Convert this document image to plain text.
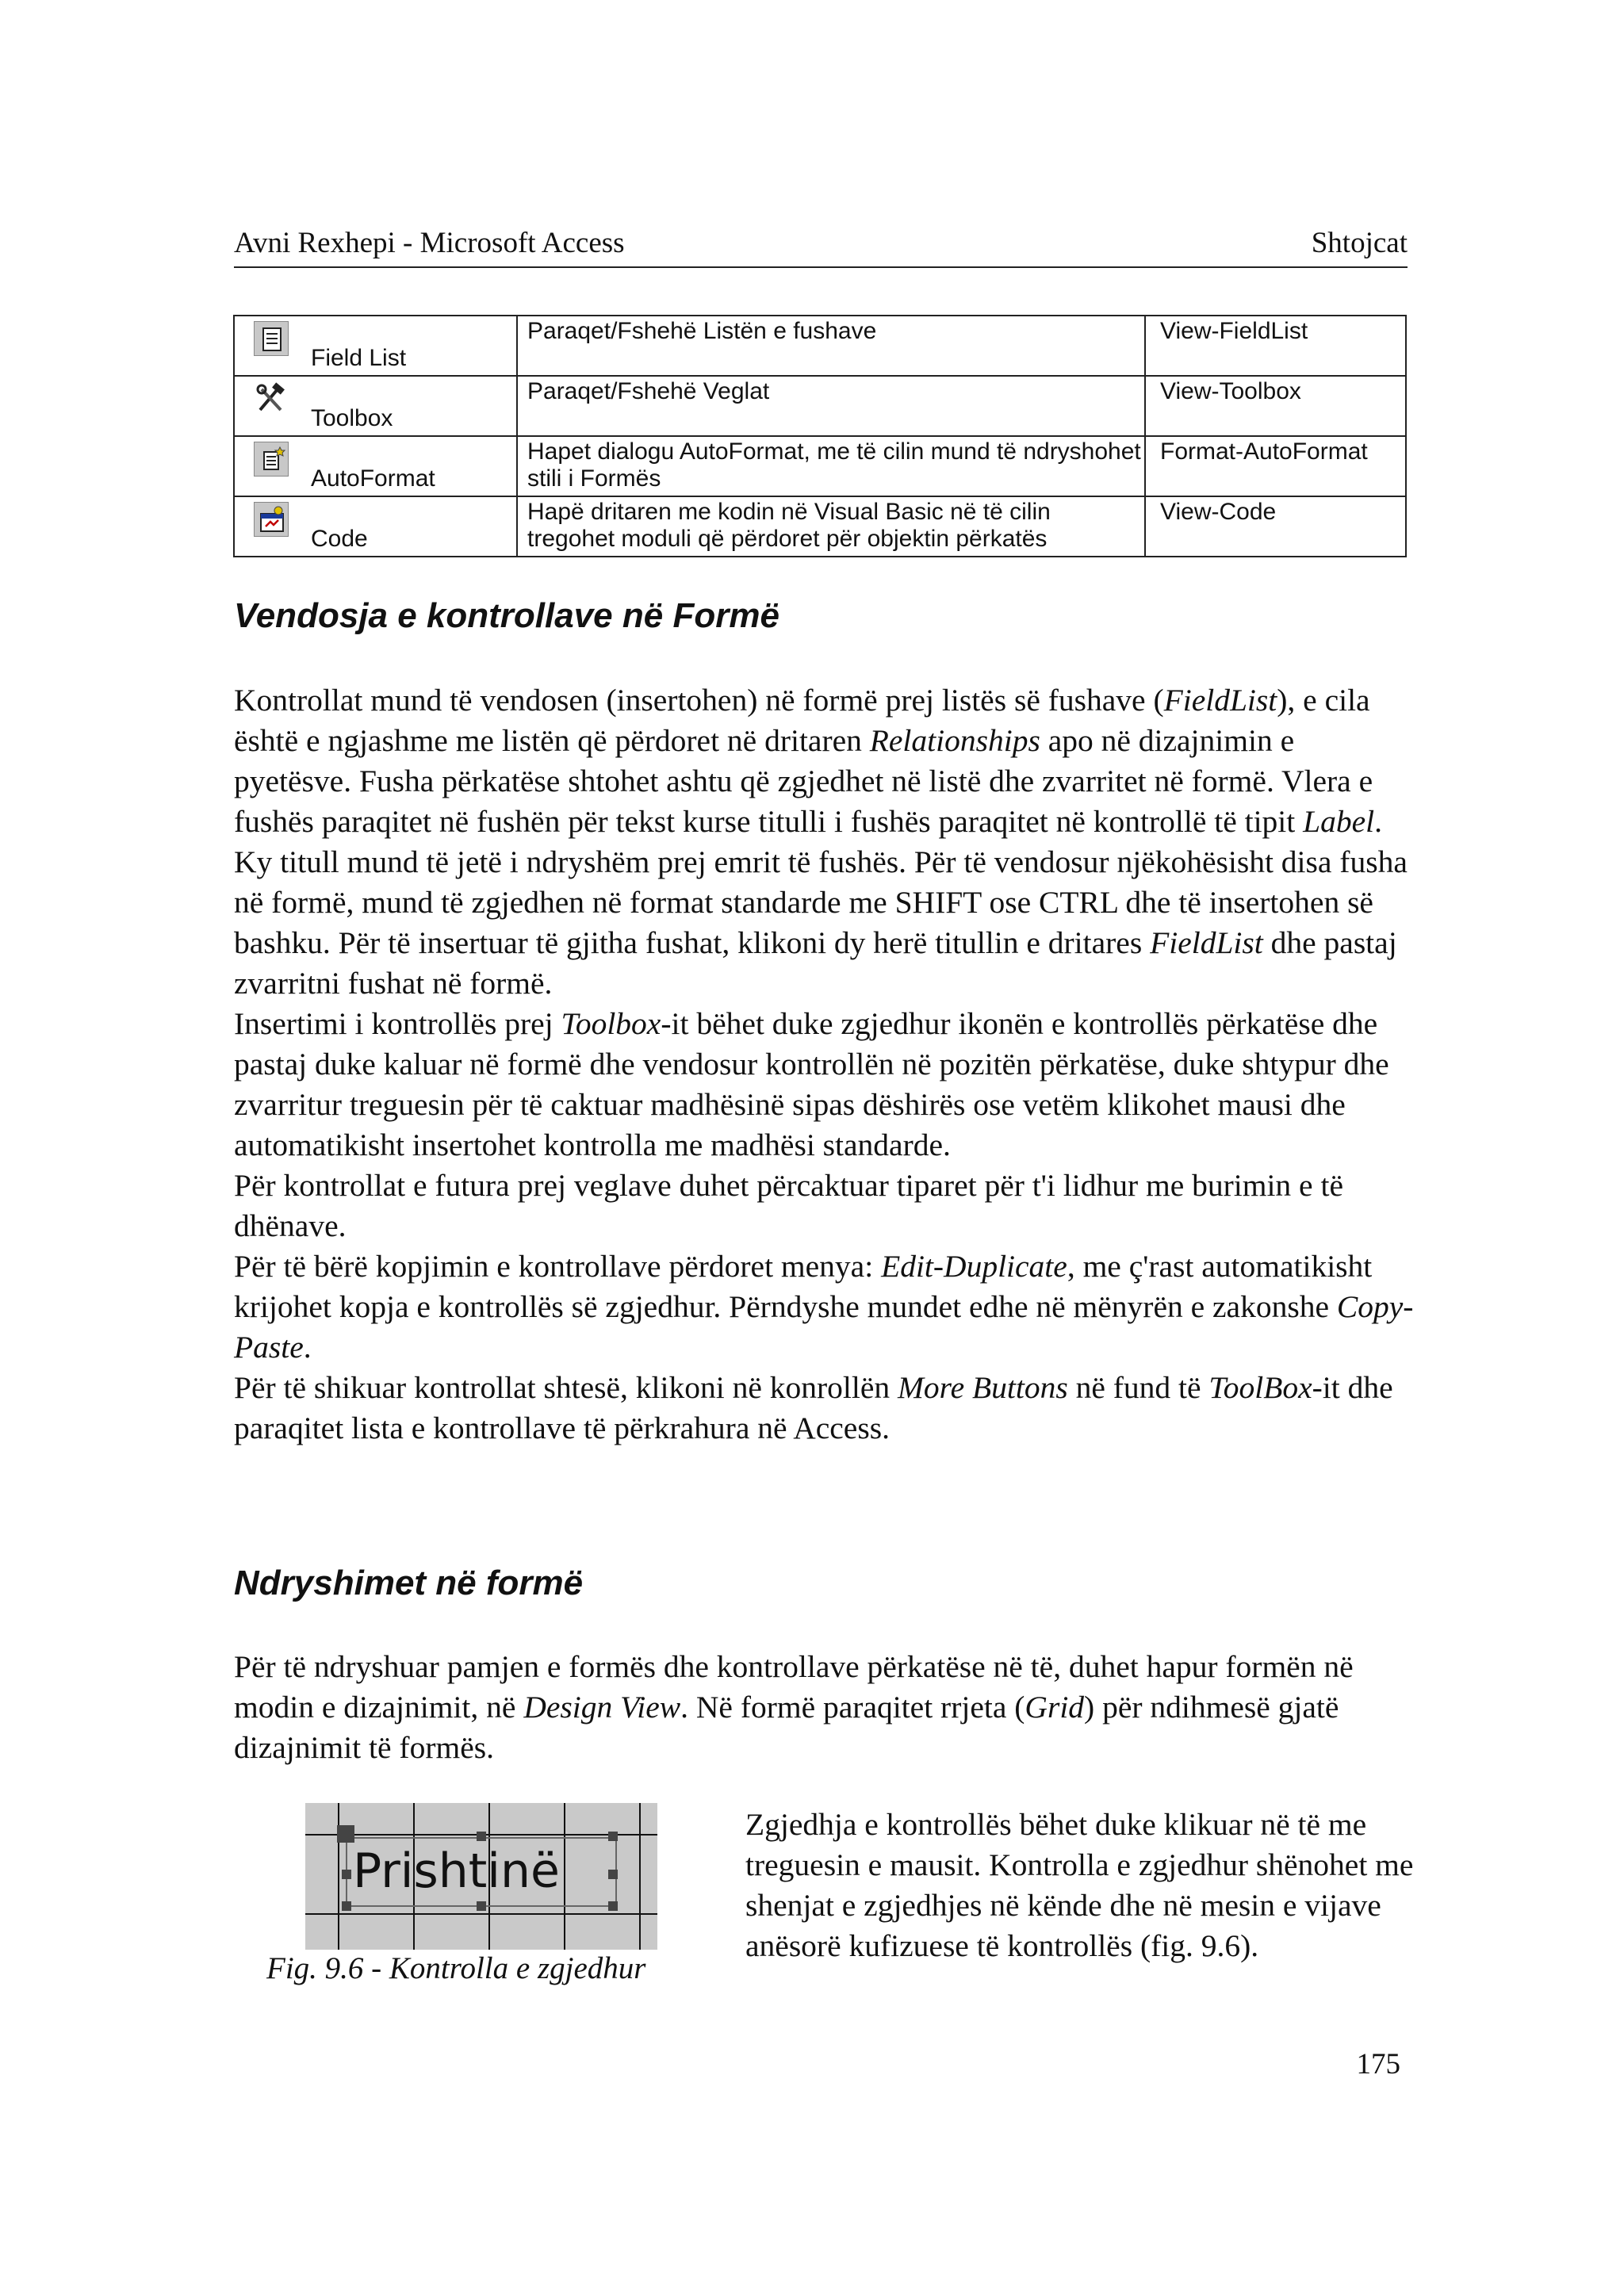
Avni Rexhepi - Microsoft Access	Shtojcat
Field List	Paraqet/Fshehë Listën e fushave	View-FieldList

Toolbox	Paraqet/Fshehë Veglat	View-Toolbox

AutoFormat	Hapet dialogu AutoFormat, me të cilin mund të ndryshohet stili i Formës	Format-AutoFormat

Code	Hapë dritaren me kodin në Visual Basic në të cilin tregohet moduli që përdoret për objektin përkatës	View-Code
Vendosja e kontrollave në Formë

Kontrollat mund të vendosen (insertohen) në formë prej listës së fushave (FieldList), e cila është e ngjashme me listën që përdoret në dritaren Relationships apo në dizajnimin e pyetësve. Fusha përkatëse shtohet ashtu që zgjedhet në listë dhe zvarritet në formë. Vlera e fushës paraqitet në fushën për tekst kurse titulli i fushës paraqitet në kontrollë të tipit Label. Ky titull mund të jetë i ndryshëm prej emrit të fushës. Për të vendosur njëkohësisht disa fusha në formë, mund të zgjedhen në format standarde me SHIFT ose CTRL dhe të insertohen së bashku. Për të insertuar të gjitha fushat, klikoni dy herë titullin e dritares FieldList dhe pastaj zvarritni fushat në formë.

Insertimi i kontrollës prej Toolbox-it bëhet duke zgjedhur ikonën e kontrollës përkatëse dhe pastaj duke kaluar në formë dhe vendosur kontrollën në pozitën përkatëse, duke shtypur dhe zvarritur treguesin për të caktuar madhësinë sipas dëshirës ose vetëm klikohet mausi dhe automatikisht insertohet kontrolla me madhësi standarde.

Për kontrollat e futura prej veglave duhet përcaktuar tiparet për t'i lidhur me burimin e të dhënave.

Për të bërë kopjimin e kontrollave përdoret menya: Edit-Duplicate, me ç'rast automatikisht krijohet kopja e kontrollës së zgjedhur. Përndyshe mundet edhe në mënyrën e zakonshe Copy-Paste.

Për të shikuar kontrollat shtesë, klikoni në konrollën More Buttons në fund të ToolBox-it dhe paraqitet lista e kontrollave të përkrahura në Access.

Ndryshimet në formë

Për të ndryshuar pamjen e formës dhe kontrollave përkatëse në të, duhet hapur formën në modin e dizajnimit, në Design View. Në formë paraqitet rrjeta (Grid) për ndihmesë gjatë dizajnimit të formës.

Prishtinë
Fig. 9.6 - Kontrolla e zgjedhur
Zgjedhja e kontrollës bëhet duke klikuar në të me treguesin e mausit. Kontrolla e zgjedhur shënohet me shenjat e zgjedhjes në kënde dhe në mesin e vijave anësorë kufizuese të kontrollës (fig. 9.6).
175
